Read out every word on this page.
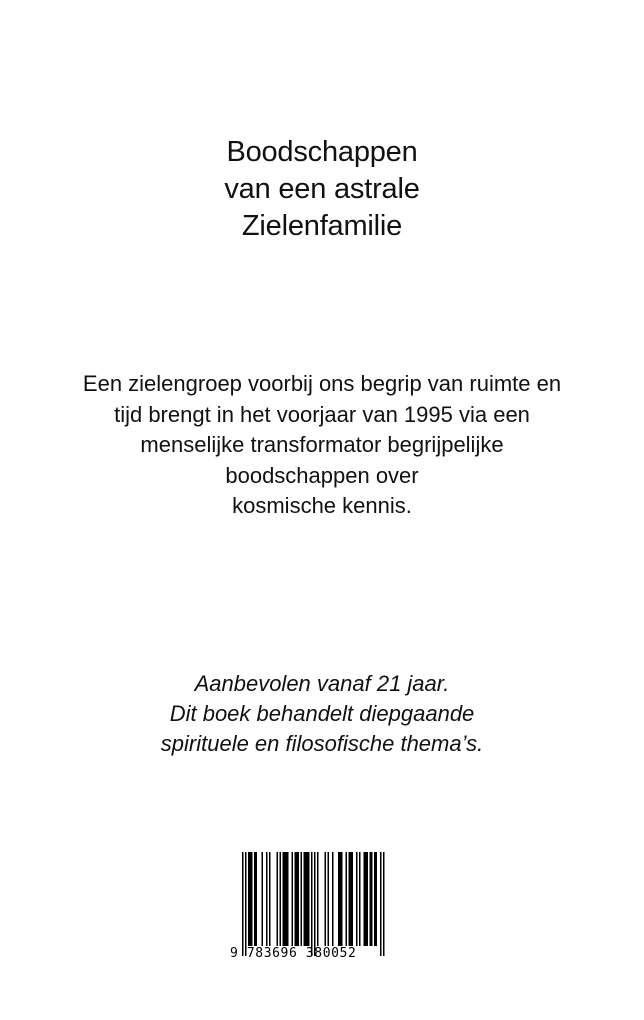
Boodschappen
van een astrale
Zielenfamilie
Een zielengroep voorbij ons begrip van ruimte en
tijd brengt in het voorjaar van 1995 via een
menselijke transformator begrijpelijke
boodschappen over
kosmische kennis.
Aanbevolen vanaf 21 jaar.
Dit boek behandelt diepgaande
spirituele en filosofische thema’s.
9 783696 380052
